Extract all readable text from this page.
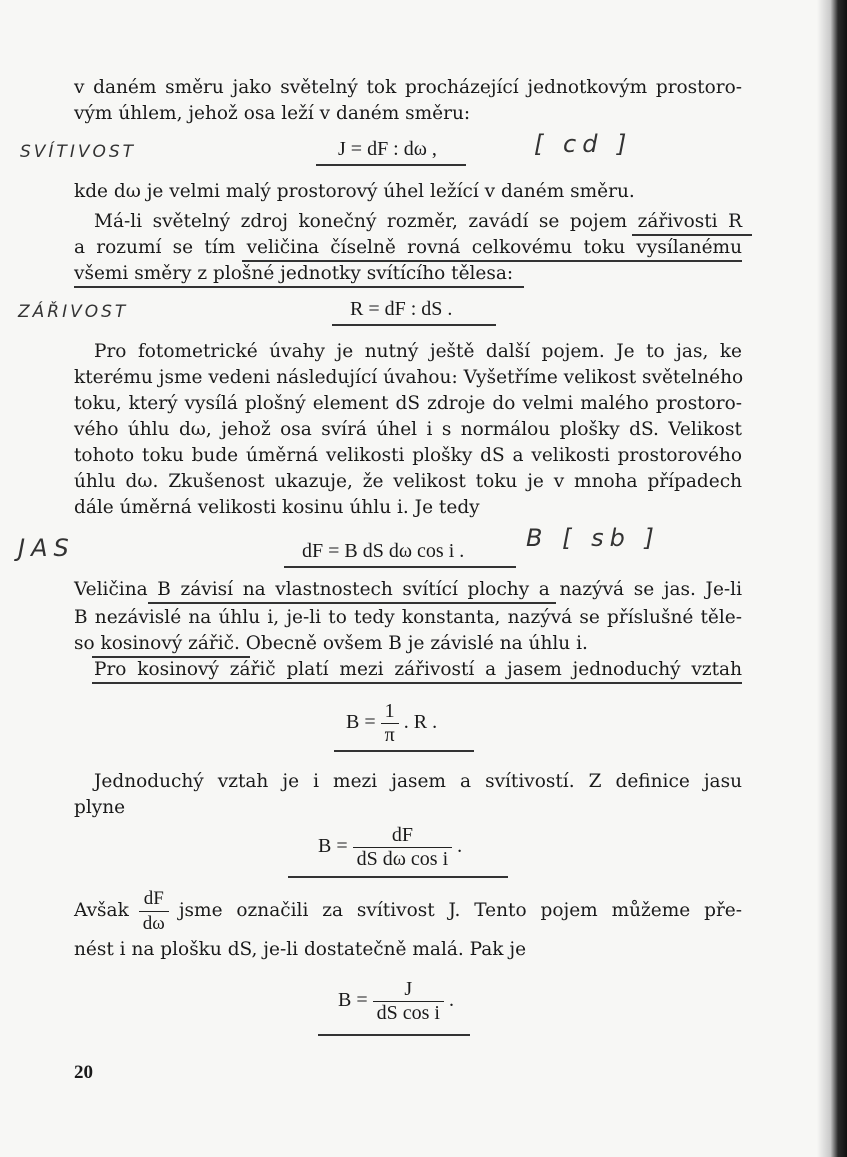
v daném směru jako světelný tok procházející jednotkovým prostoro-
vým úhlem, jehož osa leží v daném směru:
SVÍTIVOST	J = dF : dω ,	[ cd ]
kde dω je velmi malý prostorový úhel ležící v daném směru.
Má-li světelný zdroj konečný rozměr, zavádí se pojem zářivosti R
a rozumí se tím veličina číselně rovná celkovému toku vysílanému
všemi směry z plošné jednotky svítícího tělesa:
ZÁŘIVOST	R = dF : dS .
Pro fotometrické úvahy je nutný ještě další pojem. Je to jas, ke
kterému jsme vedeni následující úvahou: Vyšetříme velikost světelného
toku, který vysílá plošný element dS zdroje do velmi malého prostoro-
vého úhlu dω, jehož osa svírá úhel i s normálou plošky dS. Velikost
tohoto toku bude úměrná velikosti plošky dS a velikosti prostorového
úhlu dω. Zkušenost ukazuje, že velikost toku je v mnoha případech
dále úměrná velikosti kosinu úhlu i. Je tedy
JAS	dF = B dS dω cos i .	B [ sb ]
Veličina B závisí na vlastnostech svítící plochy a nazývá se jas. Je-li
B nezávislé na úhlu i, je-li to tedy konstanta, nazývá se příslušné těle-
so kosinový zářič. Obecně ovšem B je závislé na úhlu i.
Pro kosinový zářič platí mezi zářivostí a jasem jednoduchý vztah
$B = \frac{1}{\pi}$ . R .
Jednoduchý vztah je i mezi jasem a svítivostí. Z definice jasu
plyne
$B = \frac{dF}{\text{dS dω cos i}}$ .
Avšak $\frac{dF}{d\omega}$ jsme označili za svítivost J. Tento pojem můžeme pře-
nést i na plošku dS, je-li dostatečně malá. Pak je
$B = \frac{J}{\text{dS cos i}}$ .
20
